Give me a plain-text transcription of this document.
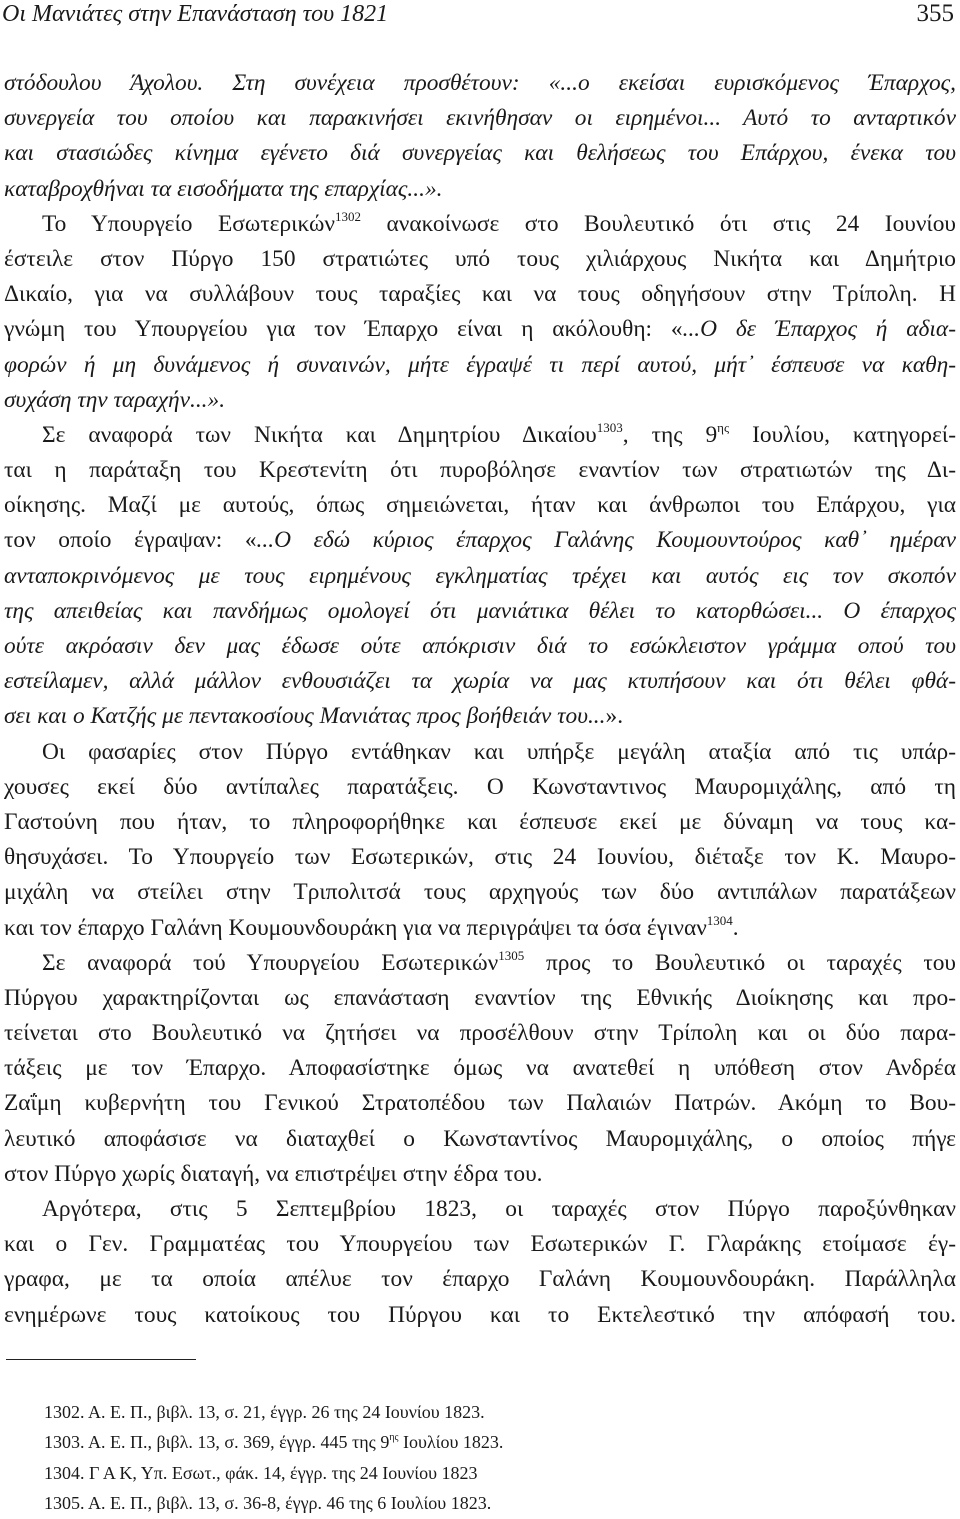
Οι Μανιάτες στην Επανάσταση του 1821	355
στόδουλου Άχολου. Στη συνέχεια προσθέτουν: «...ο εκείσαι ευρισκόμενος Έπαρχος,
συνεργεία του οποίου και παρακινήσει εκινήθησαν οι ειρημένοι... Αυτό το ανταρτικόν
και στασιώδες κίνημα εγένετο διά συνεργείας και θελήσεως του Επάρχου, ένεκα του
καταβροχθήναι τα εισοδήματα της επαρχίας...».
Το Υπουργείο Εσωτερικών$^{1302}$ ανακοίνωσε στο Βουλευτικό ότι στις 24 Ιουνίου
έστειλε στον Πύργο 150 στρατιώτες υπό τους χιλιάρχους Νικήτα και Δημήτριο
Δικαίο, για να συλλάβουν τους ταραξίες και να τους οδηγήσουν στην Τρίπολη. Η
γνώμη του Υπουργείου για τον Έπαρχο είναι η ακόλουθη: «...Ο δε Έπαρχος ή αδια-
φορών ή μη δυνάμενος ή συναινών, μήτε έγραψέ τι περί αυτού, μήτ᾽ έσπευσε να καθη-
συχάση την ταραχήν...».
Σε αναφορά των Νικήτα και Δημητρίου Δικαίου$^{1303}$, της $9^{\eta\varsigma}$ Ιουλίου, κατηγορεί-
ται η παράταξη του Κρεστενίτη ότι πυροβόλησε εναντίον των στρατιωτών της Δι-
οίκησης. Μαζί με αυτούς, όπως σημειώνεται, ήταν και άνθρωποι του Επάρχου, για
τον οποίο έγραψαν: «...Ο εδώ κύριος έπαρχος Γαλάνης Κουμουντούρος καθ᾽ ημέραν
ανταποκρινόμενος με τους ειρημένους εγκληματίας τρέχει και αυτός εις τον σκοπόν
της απειθείας και πανδήμως ομολογεί ότι μανιάτικα θέλει το κατορθώσει... Ο έπαρχος
ούτε ακρόασιν δεν μας έδωσε ούτε απόκρισιν διά το εσώκλειστον γράμμα οπού του
εστείλαμεν, αλλά μάλλον ενθουσιάζει τα χωρία να μας κτυπήσουν και ότι θέλει φθά-
σει και ο Κατζής με πεντακοσίους Μανιάτας προς βοήθειάν του...».
Οι φασαρίες στον Πύργο εντάθηκαν και υπήρξε μεγάλη αταξία από τις υπάρ-
χουσες εκεί δύο αντίπαλες παρατάξεις. Ο Κωνσταντινος Μαυρομιχάλης, από τη
Γαστούνη που ήταν, το πληροφορήθηκε και έσπευσε εκεί με δύναμη να τους κα-
θησυχάσει. Το Υπουργείο των Εσωτερικών, στις 24 Ιουνίου, διέταξε τον Κ. Μαυρο-
μιχάλη να στείλει στην Τριπολιτσά τους αρχηγούς των δύο αντιπάλων παρατάξεων
και τον έπαρχο Γαλάνη Κουμουνδουράκη για να περιγράψει τα όσα έγιναν$^{1304}$.
Σε αναφορά τού Υπουργείου Εσωτερικών$^{1305}$ προς το Βουλευτικό οι ταραχές του
Πύργου χαρακτηρίζονται ως επανάσταση εναντίον της Εθνικής Διοίκησης και προ-
τείνεται στο Βουλευτικό να ζητήσει να προσέλθουν στην Τρίπολη και οι δύο παρα-
τάξεις με τον Έπαρχο. Αποφασίστηκε όμως να ανατεθεί η υπόθεση στον Ανδρέα
Ζαΐμη κυβερνήτη του Γενικού Στρατοπέδου των Παλαιών Πατρών. Ακόμη το Βου-
λευτικό αποφάσισε να διαταχθεί ο Κωνσταντίνος Μαυρομιχάλης, ο οποίος πήγε
στον Πύργο χωρίς διαταγή, να επιστρέψει στην έδρα του.
Αργότερα, στις 5 Σεπτεμβρίου 1823, οι ταραχές στον Πύργο παροξύνθηκαν
και ο Γεν. Γραμματέας του Υπουργείου των Εσωτερικών Γ. Γλαράκης ετοίμασε έγ-
γραφα, με τα οποία απέλυε τον έπαρχο Γαλάνη Κουμουνδουράκη. Παράλληλα
ενημέρωνε τους κατοίκους του Πύργου και το Εκτελεστικό την απόφασή του.
1302. Α. Ε. Π., βιβλ. 13, σ. 21, έγγρ. 26 της 24 Ιουνίου 1823.
1303. Α. Ε. Π., βιβλ. 13, σ. 369, έγγρ. 445 της $9^{\eta\varsigma}$ Ιουλίου 1823.
1304. Γ Α Κ, Υπ. Εσωτ., φάκ. 14, έγγρ. της 24 Ιουνίου 1823
1305. Α. Ε. Π., βιβλ. 13, σ. 36-8, έγγρ. 46 της 6 Ιουλίου 1823.
